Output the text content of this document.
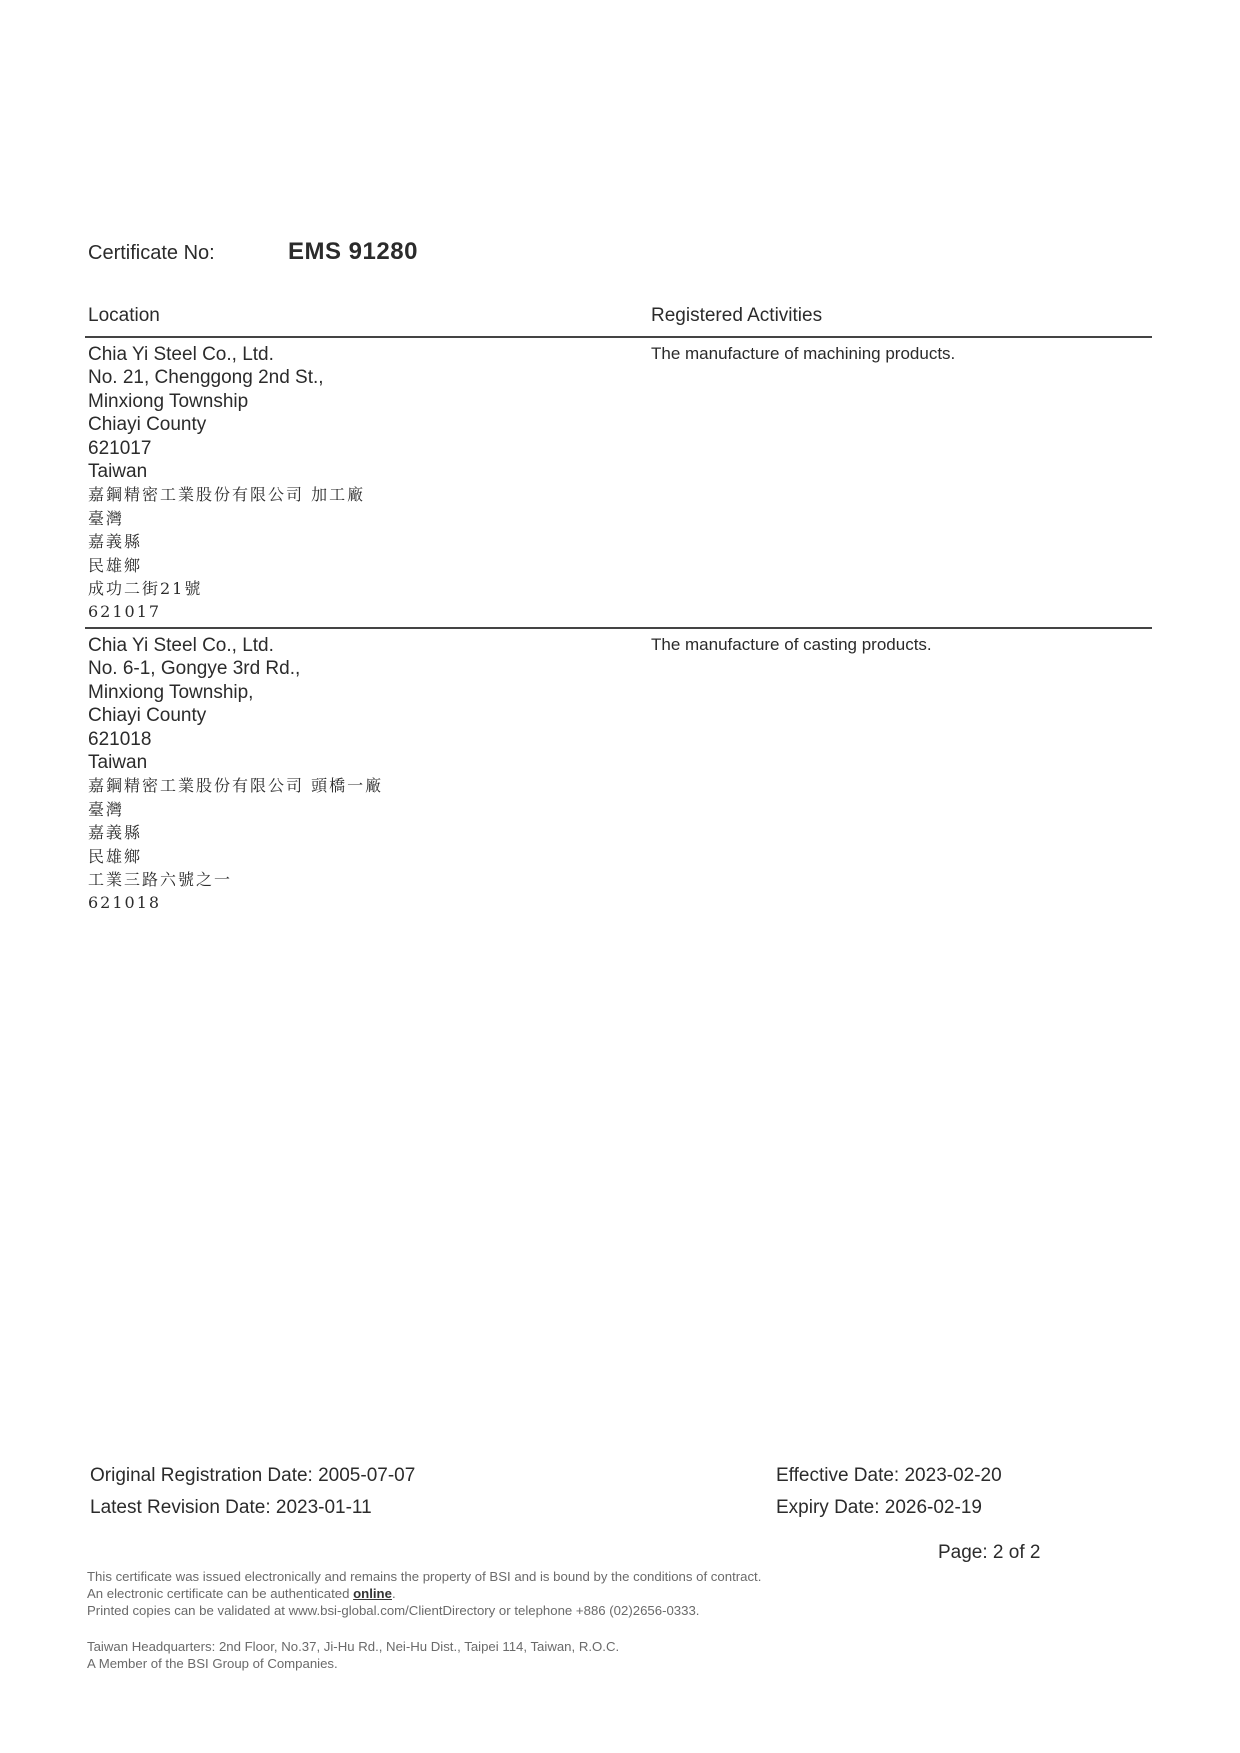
Certificate No:	EMS 91280
Location	Registered Activities
Chia Yi Steel Co., Ltd.
No. 21, Chenggong 2nd St.,
Minxiong Township
Chiayi County
621017
Taiwan
嘉鋼精密工業股份有限公司 加工廠
臺灣
嘉義縣
民雄鄉
成功二街21號
621017
The manufacture of machining products.
Chia Yi Steel Co., Ltd.
No. 6-1, Gongye 3rd Rd.,
Minxiong Township,
Chiayi County
621018
Taiwan
嘉鋼精密工業股份有限公司 頭橋一廠
臺灣
嘉義縣
民雄鄉
工業三路六號之一
621018
The manufacture of casting products.
Original Registration Date: 2005-07-07
Latest Revision Date: 2023-01-11
Effective Date: 2023-02-20
Expiry Date: 2026-02-19
Page: 2 of 2

This certificate was issued electronically and remains the property of BSI and is bound by the conditions of contract.

An electronic certificate can be authenticated online.

Printed copies can be validated at www.bsi-global.com/ClientDirectory or telephone +886 (02)2656-0333.

Taiwan Headquarters: 2nd Floor, No.37, Ji-Hu Rd., Nei-Hu Dist., Taipei 114, Taiwan, R.O.C.

A Member of the BSI Group of Companies.
